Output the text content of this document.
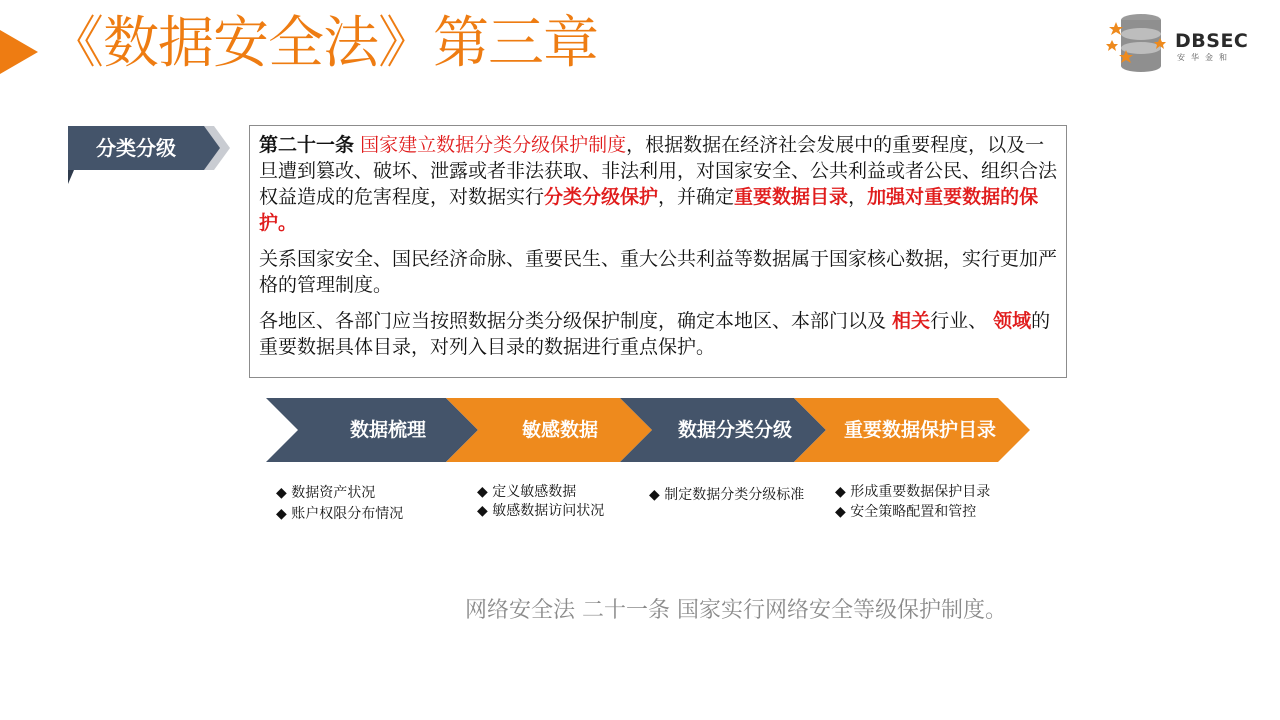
《数据安全法》第三章	DBSEC
安华金和
分类分级	第二十一条 国家建立数据分类分级保护制度，根据数据在经济社会发展中的重要程度，以及一旦遭到篡改、破坏、泄露或者非法获取、非法利用，对国家安全、公共利益或者公民、组织合法权益造成的危害程度，对数据实行分类分级保护，并确定重要数据目录，加强对重要数据的保护。

关系国家安全、国民经济命脉、重要民生、重大公共利益等数据属于国家核心数据，实行更加严格的管理制度。

各地区、各部门应当按照数据分类分级保护制度，确定本地区、本部门以及 相关行业、 领域的重要数据具体目录，对列入目录的数据进行重点保护。

数据梳理	敏感数据	数据分类分级	重要数据保护目录
◆ 数据资产状况
◆ 账户权限分布情况
◆ 定义敏感数据
◆ 敏感数据访问状况
◆ 制定数据分类分级标准
◆	形成重要数据保护目录
◆ 安全策略配置和管控
网络安全法 二十一条 国家实行网络安全等级保护制度。
